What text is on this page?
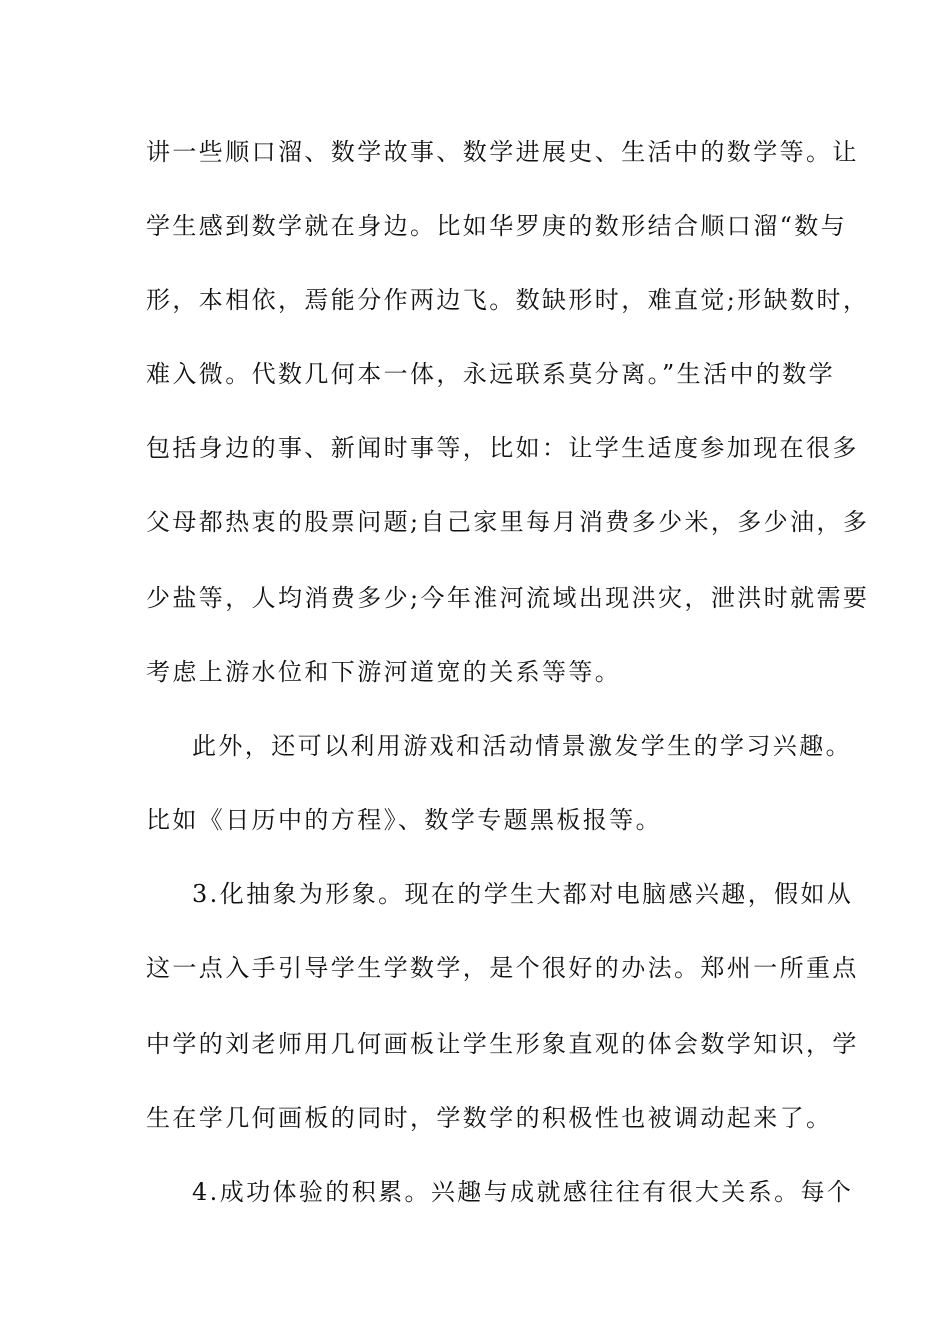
讲一些顺口溜、数学故事、数学进展史、生活中的数学等。让
学生感到数学就在身边。比如华罗庚的数形结合顺口溜“数与
形，本相依，焉能分作两边飞。数缺形时，难直觉;形缺数时，
难入微。代数几何本一体，永远联系莫分离。”生活中的数学
包括身边的事、新闻时事等，比如：让学生适度参加现在很多
父母都热衷的股票问题;自己家里每月消费多少米，多少油，多
少盐等，人均消费多少;今年淮河流域出现洪灾，泄洪时就需要
考虑上游水位和下游河道宽的关系等等。
此外，还可以利用游戏和活动情景激发学生的学习兴趣。
比如《日历中的方程》、数学专题黑板报等。
3.化抽象为形象。现在的学生大都对电脑感兴趣，假如从
这一点入手引导学生学数学，是个很好的办法。郑州一所重点
中学的刘老师用几何画板让学生形象直观的体会数学知识，学
生在学几何画板的同时，学数学的积极性也被调动起来了。
4.成功体验的积累。兴趣与成就感往往有很大关系。每个
